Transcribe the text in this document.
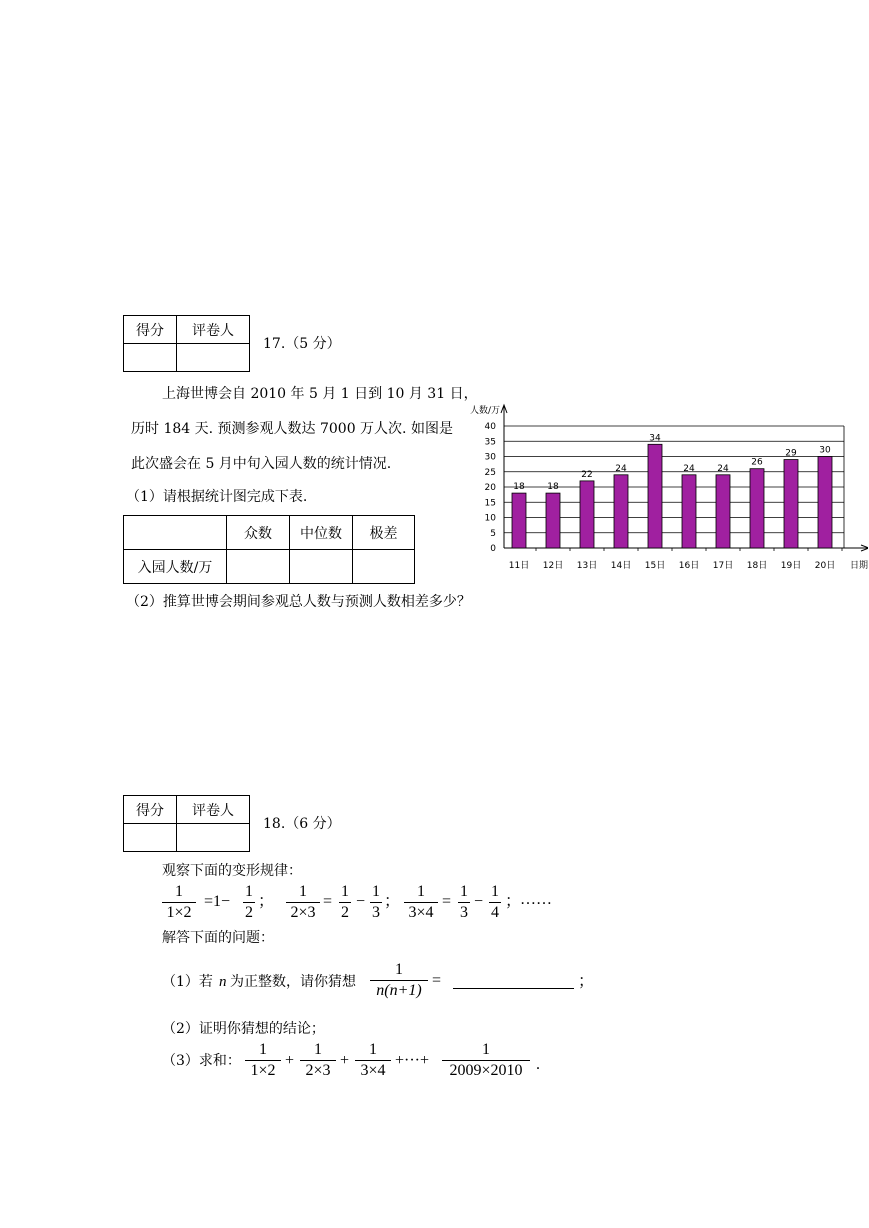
得分	评卷人

17.（5 分）
上海世博会自 2010 年 5 月 1 日到 10 月 31 日，
历时 184 天. 预测参观人数达 7000 万人次. 如图是
此次盛会在 5 月中旬入园人数的统计情况.
（1）请根据统计图完成下表.
	众数	中位数	极差
入园人数/万			
（2）推算世博会期间参观总人数与预测人数相差多少？
0
5
10
15
20
25
30
35
40
人数/万
日期
18
11日
18
12日
22
13日
24
14日
34
15日
24
16日
24
17日
26
18日
29
19日
30
20日
得分	评卷人

18.（6 分）
观察下面的变形规律：
1
1×2
=1−
1
2
；
1
2×3
=
1
2
−
1
3
；
1
3×4
=
1
3
−
1
4
；
……
解答下面的问题：
（1）若 n 为正整数，请你猜想
1
n(n+1)
=	；
（2）证明你猜想的结论；
（3）求和：
1
1×2
+
1
2×3
+
1
3×4
+···+
1
2009×2010 .
